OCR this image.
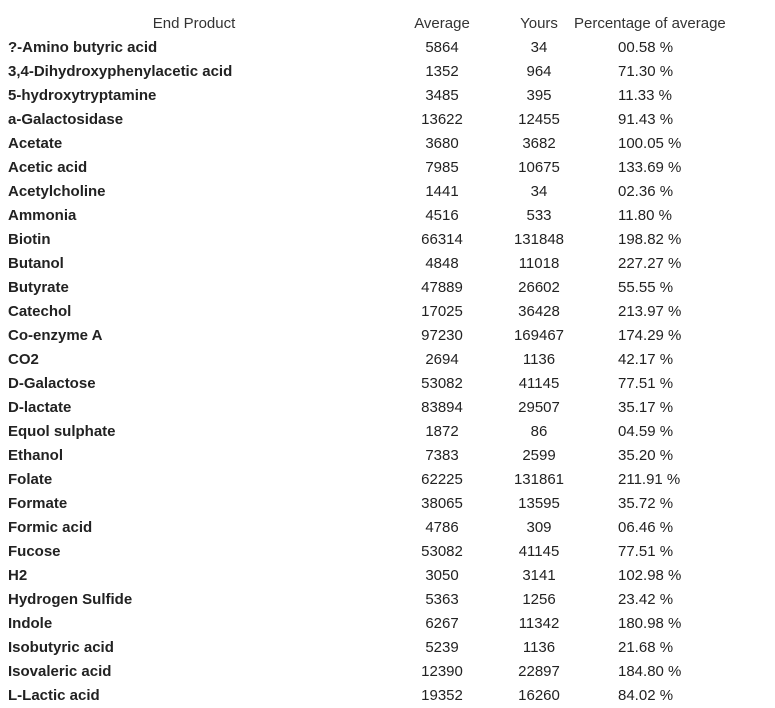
End Product	Average	Yours	Percentage of average
?-Amino butyric acid	5864	34	00.58 %
3,4-Dihydroxyphenylacetic acid	1352	964	71.30 %
5-hydroxytryptamine	3485	395	11.33 %
a-Galactosidase	13622	12455	91.43 %
Acetate	3680	3682	100.05 %
Acetic acid	7985	10675	133.69 %
Acetylcholine	1441	34	02.36 %
Ammonia	4516	533	11.80 %
Biotin	66314	131848	198.82 %
Butanol	4848	11018	227.27 %
Butyrate	47889	26602	55.55 %
Catechol	17025	36428	213.97 %
Co-enzyme A	97230	169467	174.29 %
CO2	2694	1136	42.17 %
D-Galactose	53082	41145	77.51 %
D-lactate	83894	29507	35.17 %
Equol sulphate	1872	86	04.59 %
Ethanol	7383	2599	35.20 %
Folate	62225	131861	211.91 %
Formate	38065	13595	35.72 %
Formic acid	4786	309	06.46 %
Fucose	53082	41145	77.51 %
H2	3050	3141	102.98 %
Hydrogen Sulfide	5363	1256	23.42 %
Indole	6267	11342	180.98 %
Isobutyric acid	5239	1136	21.68 %
Isovaleric acid	12390	22897	184.80 %
L-Lactic acid	19352	16260	84.02 %
